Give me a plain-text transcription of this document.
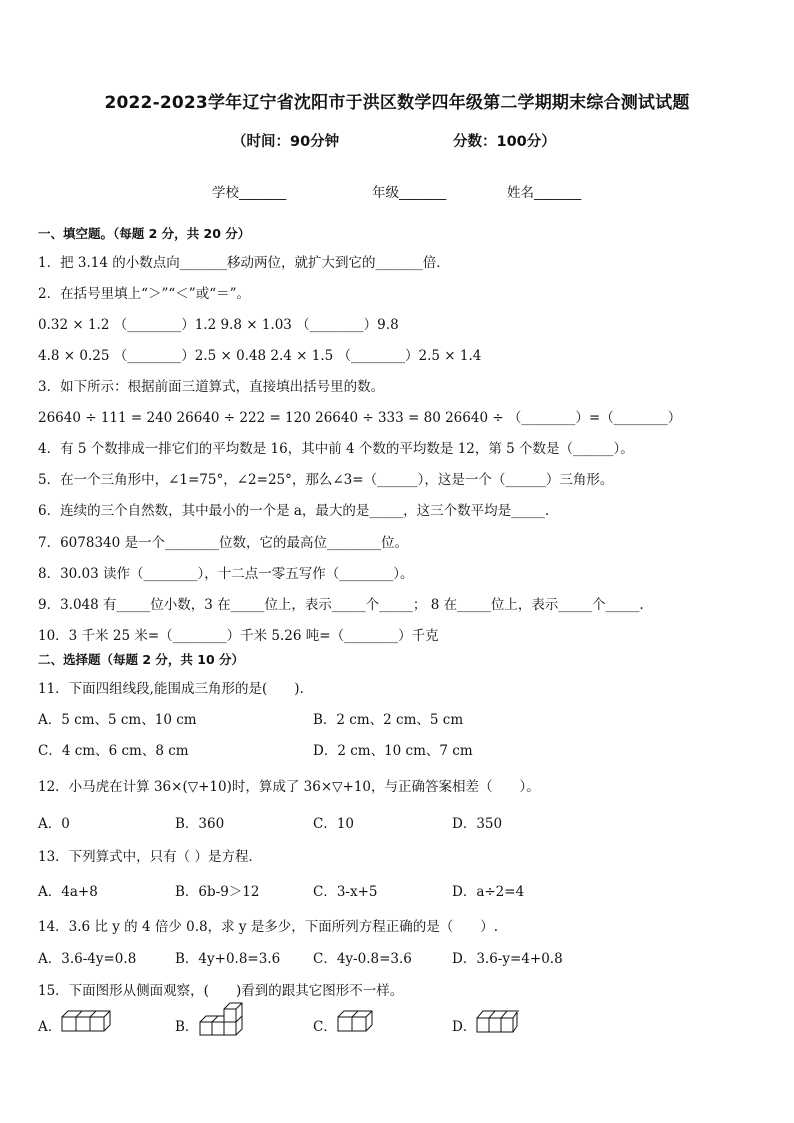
2022-2023学年辽宁省沈阳市于洪区数学四年级第二学期期末综合测试试题
（时间：90分钟	分数：100分）
学校_______	年级_______	姓名_______
一、填空题。（每题 2 分，共 20 分）
1．把 3.14 的小数点向_______移动两位，就扩大到它的_______倍．
2．在括号里填上“＞”“＜”或“＝”。
0.32 × 1.2 （________）1.2 9.8 × 1.03 （________）9.8
4.8 × 0.25 （________）2.5 × 0.48 2.4 × 1.5 （________）2.5 × 1.4
3．如下所示：根据前面三道算式，直接填出括号里的数。
26640 ÷ 111 = 240 26640 ÷ 222 = 120 26640 ÷ 333 = 80 26640 ÷ （________）=（________）
4．有 5 个数排成一排它们的平均数是 16，其中前 4 个数的平均数是 12，第 5 个数是（______）。
5．在一个三角形中，∠1=75°，∠2=25°，那么∠3=（______），这是一个（______）三角形。
6．连续的三个自然数，其中最小的一个是 a，最大的是_____，这三个数平均是_____.
7．6078340 是一个________位数，它的最高位________位。
8．30.03 读作（________），十二点一零五写作（________）。
9．3.048 有_____位小数，3 在_____位上，表示_____个_____； 8 在_____位上，表示_____个_____.
10．3 千米 25 米=（________）千米 5.26 吨=（________）千克
二、选择题（每题 2 分，共 10 分）
11．下面四组线段,能围成三角形的是(　　).
A．5 cm、5 cm、10 cm	B．2 cm、2 cm、5 cm
C．4 cm、6 cm、8 cm	D．2 cm、10 cm、7 cm
12．小马虎在计算 36×(▽+10)时，算成了 36×▽+10，与正确答案相差（　　）。
A．0	B．360	C．10	D．350
13．下列算式中，只有（ ）是方程．
A．4a+8	B．6b-9＞12	C．3-x+5	D．a÷2=4
14．3.6 比 y 的 4 倍少 0.8，求 y 是多少，下面所列方程正确的是（　　）.
A．3.6-4y=0.8	B．4y+0.8=3.6 C．4y-0.8=3.6	D．3.6-y=4+0.8
15．下面图形从侧面观察，(　　)看到的跟其它图形不一样。
A．	B．	C．	D．
